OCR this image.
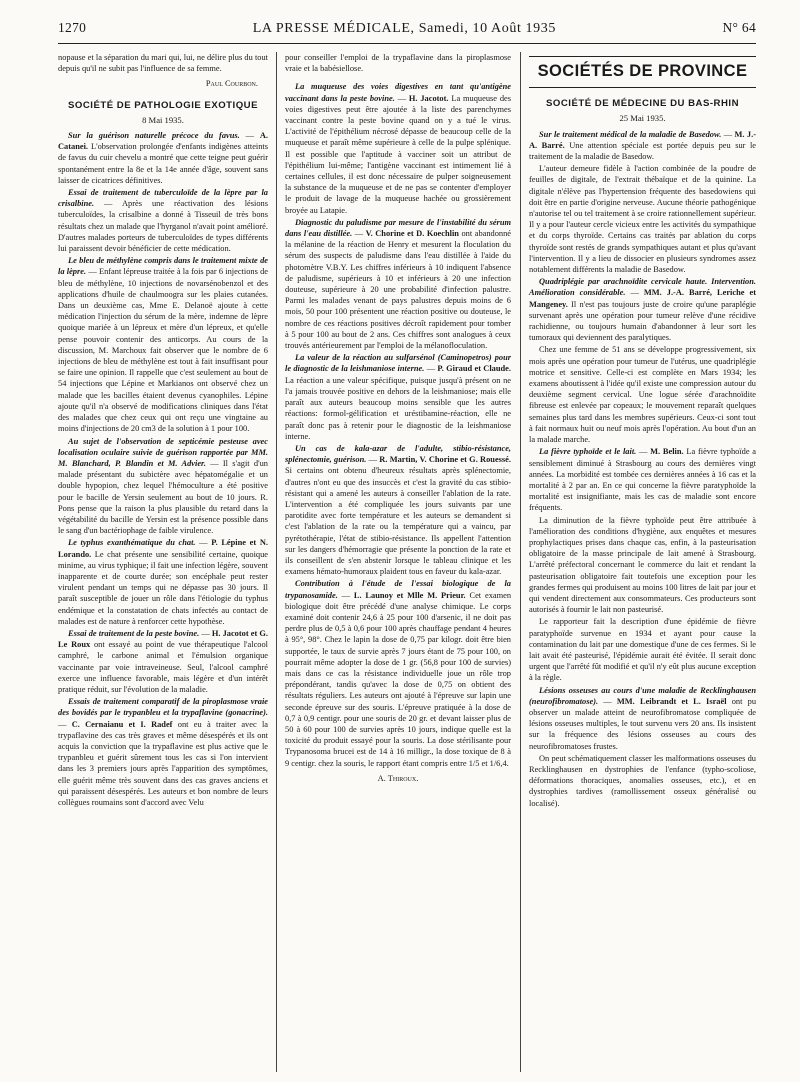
1270	LA PRESSE MÉDICALE, Samedi, 10 Août 1935	N° 64

nopause et la séparation du mari qui, lui, ne délire plus du tout depuis qu'il ne subit pas l'influence de sa femme.

Paul Courbon.
SOCIÉTÉ DE PATHOLOGIE EXOTIQUE
8 Mai 1935.

Sur la guérison naturelle précoce du favus. — A. Catanei. L'observation prolongée d'enfants indigènes atteints de favus du cuir chevelu a montré que cette teigne peut guérir spontanément entre la 8e et la 14e année d'âge, souvent sans laisser de cicatrices définitives.

Essai de traitement de tuberculoïde de la lèpre par la crisalbine. — Après une réactivation des lésions tuberculoïdes, la crisalbine a donné à Tisseuil de très bons résultats chez un malade que l'hyrganol n'avait point amélioré. D'autres malades porteurs de tuberculoïdes de types différents lui paraissent devoir bénéficier de cette médication.

Le bleu de méthylène compris dans le traitement mixte de la lèpre. — Enfant lépreuse traitée à la fois par 6 injections de bleu de méthylène, 10 injections de novarsénobenzol et des applications d'huile de chaulmoogra sur les plaies cutanées. Dans un deuxième cas, Mme E. Delanoë ajoute à cette médication l'injection du sérum de la mère, indemne de lèpre quoique mariée à un lépreux et mère d'un lépreux, et qu'elle pense pouvoir contenir des anticorps. Au cours de la discussion, M. Marchoux fait observer que le nombre de 6 injections de bleu de méthylène est tout à fait insuffisant pour se faire une opinion. Il rappelle que c'est seulement au bout de 54 injections que Lépine et Markianos ont observé chez un malade que les bacilles étaient devenus cyanophiles. Lépine ajoute qu'il n'a observé de modifications cliniques dans l'état des malades que chez ceux qui ont reçu une vingtaine au moins d'injections de 20 cm3 de la solution à 1 pour 100.

Au sujet de l'observation de septicémie pesteuse avec localisation oculaire suivie de guérison rapportée par MM. M. Blanchard, P. Blandin et M. Advier. — Il s'agit d'un malade présentant du subictère avec hépatomégalie et un double hypopion, chez lequel l'hémoculture a été positive pour le bacille de Yersin seulement au bout de 10 jours. R. Pons pense que la raison la plus plausible du retard dans la végétabilité du bacille de Yersin est la présence possible dans le sang d'un bactériophage de faible virulence.

Le typhus exanthématique du chat. — P. Lépine et N. Lorando. Le chat présente une sensibilité certaine, quoique minime, au virus typhique; il fait une infection légère, souvent inapparente et de courte durée; son encéphale peut rester virulent pendant un temps qui ne dépasse pas 30 jours. Il paraît susceptible de jouer un rôle dans l'étiologie du typhus endémique et la constatation de chats infectés au contact de malades est de nature à renforcer cette hypothèse.

Essai de traitement de la peste bovine. — H. Jacotot et G. Le Roux ont essayé au point de vue thérapeutique l'alcool camphré, le carbone animal et l'émulsion organique vaccinante par voie intraveineuse. Seul, l'alcool camphré exerce une influence favorable, mais légère et d'un intérêt pratique réduit, sur l'évolution de la maladie.

Essais de traitement comparatif de la piroplasmose vraie des bovidés par le trypanbleu et la trypaflavine (gonacrine). — C. Cernaianu et I. Radef ont eu à traiter avec la trypaflavine des cas très graves et même désespérés et ils ont acquis la conviction que la trypaflavine est plus active que le trypanbleu et guérit sûrement tous les cas si l'on intervient dans les 3 premiers jours après l'apparition des symptômes, elle guérit même très souvent dans des cas graves anciens et qui paraissent désespérés. Les auteurs et bon nombre de leurs collègues roumains sont d'accord avec Velu

pour conseiller l'emploi de la trypaflavine dans la piroplasmose vraie et la babésiellose.

La muqueuse des voies digestives en tant qu'antigène vaccinant dans la peste bovine. — H. Jacotot. La muqueuse des voies digestives peut être ajoutée à la liste des parenchymes vaccinant contre la peste bovine quand on y a tué le virus. L'activité de l'épithélium nécrosé dépasse de beaucoup celle de la muqueuse et paraît même supérieure à celle de la pulpe splénique. Il est possible que l'aptitude à vacciner soit un attribut de l'épithélium lui-même; l'antigène vaccinant est intimement lié à certaines cellules, il est donc nécessaire de pulper soigneusement la substance de la muqueuse et de ne pas se contenter d'employer le produit de lavage de la muqueuse hachée ou grossièrement broyée au Latapie.

Diagnostic du paludisme par mesure de l'instabilité du sérum dans l'eau distillée. — V. Chorine et D. Koechlin ont abandonné la mélanine de la réaction de Henry et mesurent la floculation du sérum des suspects de paludisme dans l'eau distillée à l'aide du photomètre V.B.Y. Les chiffres inférieurs à 10 indiquent l'absence de paludisme, supérieurs à 10 et inférieurs à 20 une infection douteuse, supérieure à 20 une probabilité d'infection palustre. Parmi les malades venant de pays palustres depuis moins de 6 mois, 50 pour 100 présentent une réaction positive ou douteuse, le nombre de ces réactions positives décroît rapidement pour tomber à 5 pour 100 au bout de 2 ans. Ces chiffres sont analogues à ceux trouvés antérieurement par l'emploi de la mélanofloculation.

La valeur de la réaction au sulfarsénol (Caminopetros) pour le diagnostic de la leishmaniose interne. — P. Giraud et Claude. La réaction a une valeur spécifique, puisque jusqu'à présent on ne l'a jamais trouvée positive en dehors de la leishmaniose; mais elle paraît aux auteurs beaucoup moins sensible que les autres réactions: formol-gélification et uréstibamine-réaction, elle ne paraît donc pas à retenir pour le diagnostic de la leishmaniose interne.

Un cas de kala-azar de l'adulte, stibio-résistance, splénectomie, guérison. — R. Martin, V. Chorine et G. Rouessé. Si certains ont obtenu d'heureux résultats après splénectomie, d'autres n'ont eu que des insuccès et c'est la gravité du cas stibio-résistant qui a amené les auteurs à conseiller l'ablation de la rate. L'intervention a été compliquée les jours suivants par une parotidite avec forte température et les auteurs se demandent si c'est l'ablation de la rate ou la température qui a vaincu, par pyrétothérapie, l'état de stibio-résistance. Ils appellent l'attention sur les dangers d'hémorragie que présente la ponction de la rate et ils conseillent de s'en abstenir lorsque le tableau clinique et les examens hémato-humoraux plaident tous en faveur du kala-azar.

Contribution à l'étude de l'essai biologique de la trypanosamide. — L. Launoy et Mlle M. Prieur. Cet examen biologique doit être précédé d'une analyse chimique. Le corps examiné doit contenir 24,6 à 25 pour 100 d'arsenic, il ne doit pas perdre plus de 0,5 à 0,6 pour 100 après chauffage pendant 4 heures à 95°, 98°. Chez le lapin la dose de 0,75 par kilogr. doit être bien supportée, le taux de survie après 7 jours étant de 75 pour 100, on pourrait même adopter la dose de 1 gr. (56,8 pour 100 de survies) mais dans ce cas la résistance individuelle joue un rôle trop prépondérant, tandis qu'avec la dose de 0,75 on obtient des résultats réguliers. Les auteurs ont ajouté à l'épreuve sur lapin une seconde épreuve sur des souris. L'épreuve pratiquée à la dose de 0,7 à 0,9 centigr. pour une souris de 20 gr. et devant laisser plus de 50 à 60 pour 100 de survies après 10 jours, indique quelle est la toxicité du produit essayé pour la souris. La dose stérilisante pour Trypanosoma brucei est de 14 à 16 milligr., la dose toxique de 8 à 9 centigr. chez la souris, le rapport étant compris entre 1/5 et 1/6,4.

A. Thiroux.
SOCIÉTÉS DE PROVINCE
SOCIÉTÉ DE MÉDECINE DU BAS-RHIN
25 Mai 1935.

Sur le traitement médical de la maladie de Basedow. — M. J.-A. Barré. Une attention spéciale est portée depuis peu sur le traitement de la maladie de Basedow.

L'auteur demeure fidèle à l'action combinée de la poudre de feuilles de digitale, de l'extrait thébaïque et de la quinine. La digitale n'élève pas l'hypertension fréquente des basedowiens qui doit être en partie d'origine nerveuse. Aucune théorie pathogénique n'autorise tel ou tel traitement à se croire rationnellement supérieur. Il y a pour l'auteur cercle vicieux entre les activités du sympathique et du corps thyroïde. Certains cas traités par ablation du corps thyroïde sont restés de grands sympathiques autant et plus qu'avant l'intervention. Il y a lieu de dissocier en plusieurs syndromes assez notablement différents la maladie de Basedow.

Quadriplégie par arachnoïdite cervicale haute. Intervention. Amélioration considérable. — MM. J.-A. Barré, Leriche et Mangeney. Il n'est pas toujours juste de croire qu'une paraplégie survenant après une opération pour tumeur relève d'une récidive rachidienne, ou toujours humain d'abandonner à leur sort les tumoraux qui deviennent des paralytiques.

Chez une femme de 51 ans se développe progressivement, six mois après une opération pour tumeur de l'utérus, une quadriplégie motrice et sensitive. Celle-ci est complète en Mars 1934; les examens aboutissent à l'idée qu'il existe une compression autour du deuxième segment cervical. Une logue sérée d'arachnoïdite fibreuse est enlevée par copeaux; le mouvement reparaît quelques semaines plus tard dans les membres supérieurs. Ceux-ci sont tout à fait normaux huit ou neuf mois après l'opération. Au bout d'un an la malade marche.

La fièvre typhoïde et le lait. — M. Belin. La fièvre typhoïde a sensiblement diminué à Strasbourg au cours des dernières vingt années. La morbidité est tombée ces dernières années à 16 cas et la mortalité à 2 par an. En ce qui concerne la fièvre paratyphoïde la mortalité est insignifiante, mais les cas de maladie sont encore fréquents.

La diminution de la fièvre typhoïde peut être attribuée à l'amélioration des conditions d'hygiène, aux enquêtes et mesures prophylactiques prises dans chaque cas, enfin, à la pasteurisation obligatoire de la masse principale de lait amené à Strasbourg. L'arrêté préfectoral concernant le commerce du lait et rendant la pasteurisation obligatoire fait toutefois une exception pour les grandes fermes qui produisent au moins 100 litres de lait par jour et qui vendent directement aux consommateurs. Ces producteurs sont autorisés à fournir le lait non pasteurisé.

Le rapporteur fait la description d'une épidémie de fièvre paratyphoïde survenue en 1934 et ayant pour cause la contamination du lait par une domestique d'une de ces fermes. Si le lait avait été pasteurisé, l'épidémie aurait été évitée. Il serait donc urgent que l'arrêté fût modifié et qu'il n'y eût plus aucune exception à la règle.

Lésions osseuses au cours d'une maladie de Recklinghausen (neurofibromatose). — MM. Leibrandt et L. Israël ont pu observer un malade atteint de neurofibromatose compliquée de lésions osseuses multiples, le tout survenu vers 20 ans. Ils insistent sur la fréquence des lésions osseuses au cours des neurofibromatoses frustes.

On peut schématiquement classer les malformations osseuses du Recklinghausen en dystrophies de l'enfance (typho-scoliose, déformations thoraciques, anomalies osseuses, etc.), et en dystrophies tardives (ramollissement osseux généralisé ou localisé).
